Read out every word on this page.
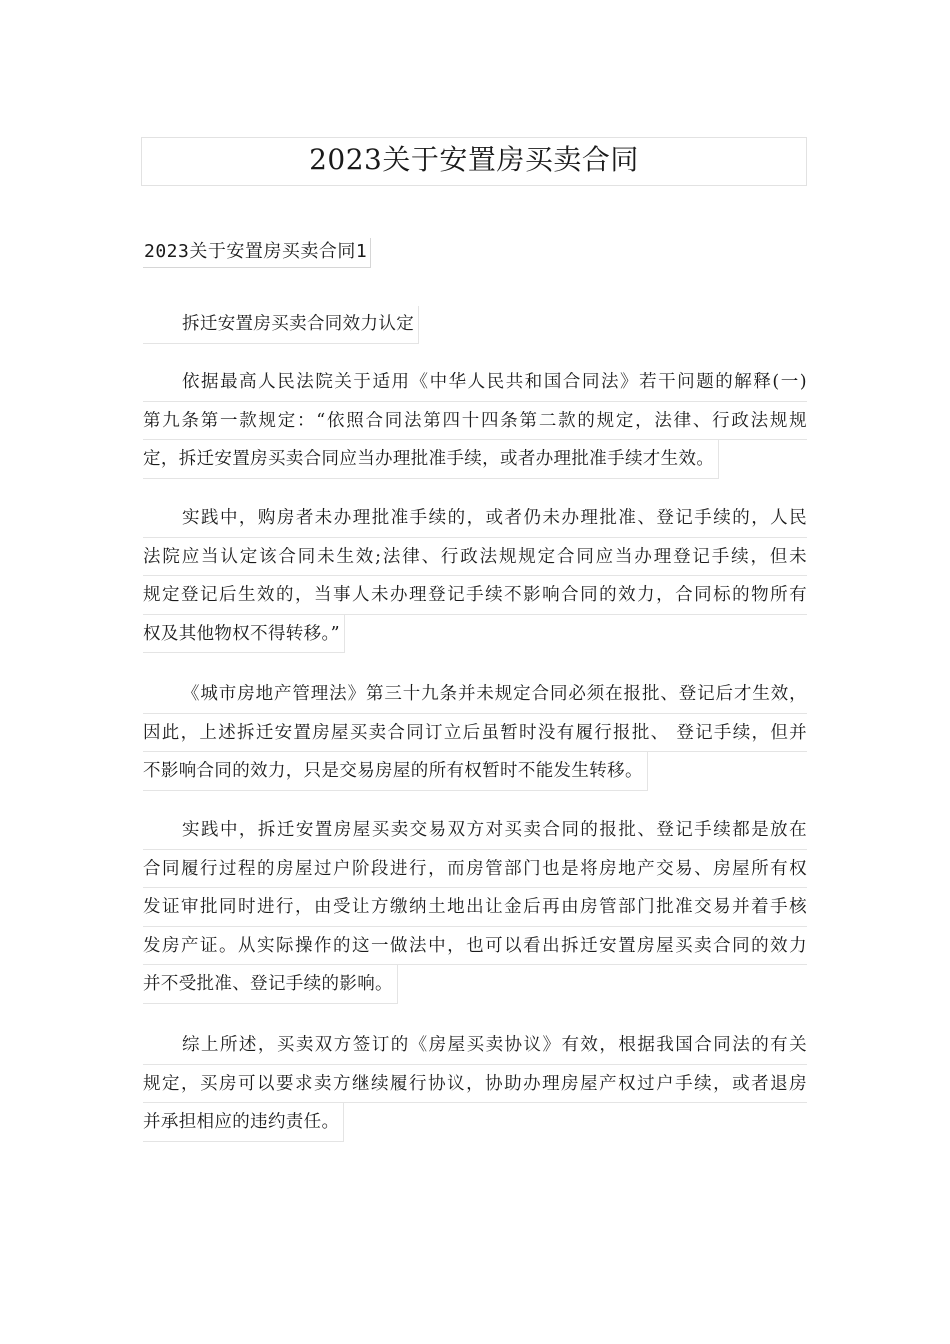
2023关于安置房买卖合同
2023关于安置房买卖合同1
拆迁安置房买卖合同效力认定
依据最高人民法院关于适用《中华人民共和国合同法》若干问题的解释(一)
第九条第一款规定：“依照合同法第四十四条第二款的规定，法律、行政法规规
定，拆迁安置房买卖合同应当办理批准手续，或者办理批准手续才生效。
实践中，购房者未办理批准手续的，或者仍未办理批准、登记手续的，人民
法院应当认定该合同未生效;法律、行政法规规定合同应当办理登记手续，但未
规定登记后生效的，当事人未办理登记手续不影响合同的效力，合同标的物所有
权及其他物权不得转移。”
《城市房地产管理法》第三十九条并未规定合同必须在报批、登记后才生效，
因此，上述拆迁安置房屋买卖合同订立后虽暂时没有履行报批、 登记手续，但并
不影响合同的效力，只是交易房屋的所有权暂时不能发生转移。
实践中，拆迁安置房屋买卖交易双方对买卖合同的报批、登记手续都是放在
合同履行过程的房屋过户阶段进行，而房管部门也是将房地产交易、房屋所有权
发证审批同时进行，由受让方缴纳土地出让金后再由房管部门批准交易并着手核
发房产证。从实际操作的这一做法中，也可以看出拆迁安置房屋买卖合同的效力
并不受批准、登记手续的影响。
综上所述，买卖双方签订的《房屋买卖协议》有效，根据我国合同法的有关
规定，买房可以要求卖方继续履行协议，协助办理房屋产权过户手续，或者退房
并承担相应的违约责任。
